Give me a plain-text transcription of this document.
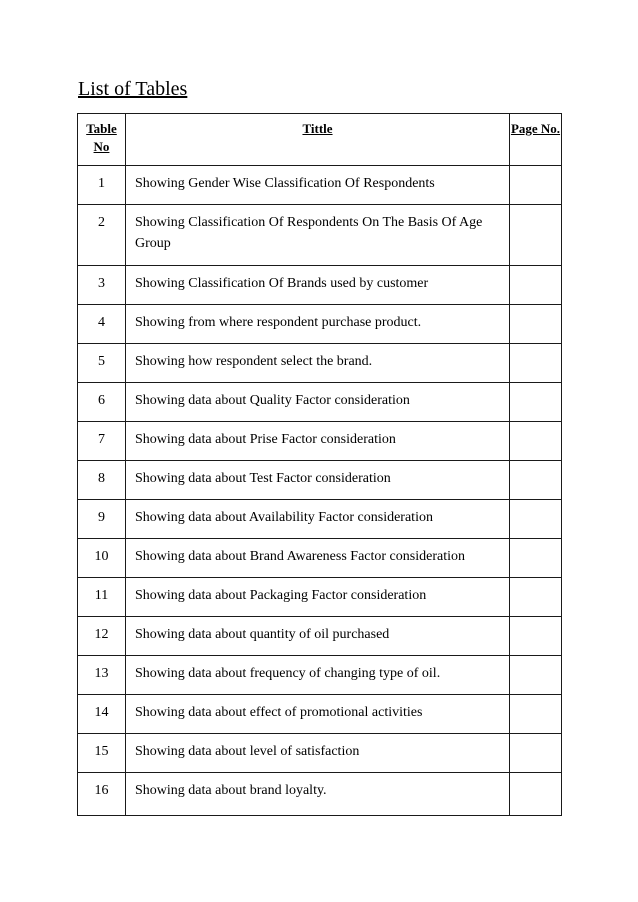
List of Tables
Table No	Tittle	Page No.
1	Showing Gender Wise Classification Of Respondents	
2	Showing Classification Of Respondents On The Basis Of Age Group	
3	Showing Classification Of Brands used by customer	
4	Showing from where respondent purchase product.	
5	Showing how respondent select the brand.	
6	Showing data about Quality Factor consideration	
7	Showing data about Prise Factor consideration	
8	Showing data about Test Factor consideration	
9	Showing data about Availability Factor consideration	
10	Showing data about Brand Awareness Factor consideration	
11	Showing data about Packaging Factor consideration	
12	Showing data about quantity of oil purchased	
13	Showing data about frequency of changing type of oil.	
14	Showing data about effect of promotional activities	
15	Showing data about level of satisfaction	
16	Showing data about brand loyalty.	
